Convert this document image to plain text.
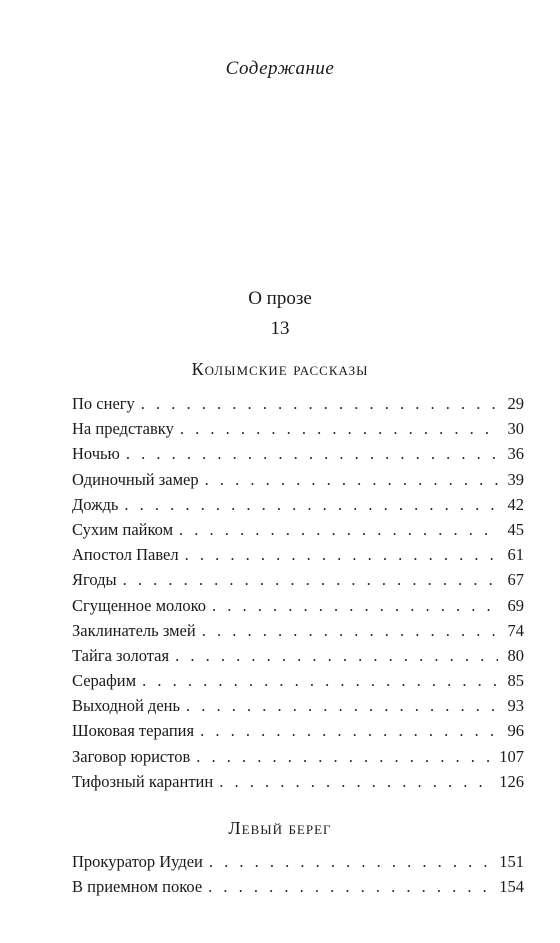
Содержание
О прозе
13
Колымские рассказы
По снегу . . .	29
На представку . . .	30
Ночью . . .	36
Одиночный замер . . .	39
Дождь . . .	42
Сухим пайком . . .	45
Апостол Павел . . .	61
Ягоды . . .	67
Сгущенное молоко . . .	69
Заклинатель змей . . .	74
Тайга золотая . . .	80
Серафим . . .	85
Выходной день . . .	93
Шоковая терапия . . .	96
Заговор юристов . . .	107
Тифозный карантин . . .	126
Левый берег
Прокуратор Иудеи . . .	151
В приемном покое . . .	154
